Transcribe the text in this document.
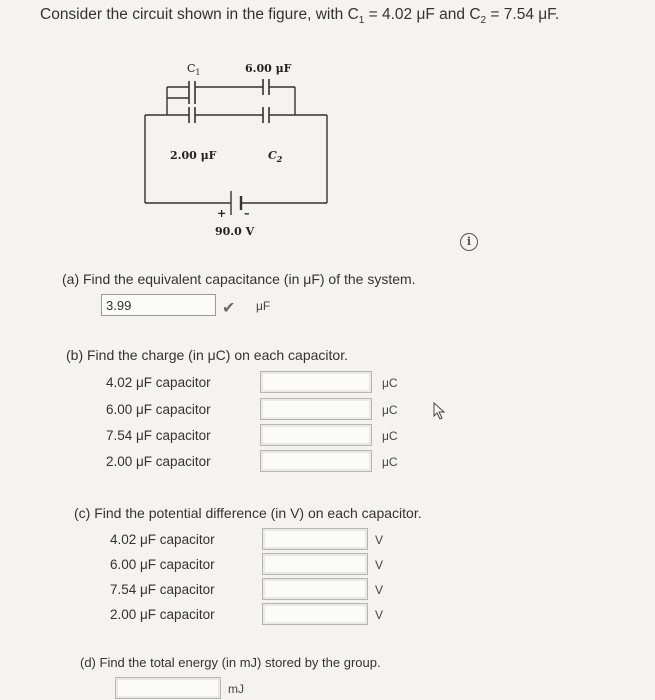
Consider the circuit shown in the figure, with $C_1 = 4.02$ μF and $C_2 = 7.54$ μF.
$C_1$	6.00 μF
2.00 μF	$C_2$
+ –
90.0 V
i
(a) Find the equivalent capacitance (in μF) of the system.
3.99	✔ μF
(b) Find the charge (in μC) on each capacitor.
4.02 μF capacitor	μC
6.00 μF capacitor	μC
7.54 μF capacitor	μC
2.00 μF capacitor	μC
(c) Find the potential difference (in V) on each capacitor.
4.02 μF capacitor	V
6.00 μF capacitor	V
7.54 μF capacitor	V
2.00 μF capacitor	V
(d) Find the total energy (in mJ) stored by the group.
mJ
